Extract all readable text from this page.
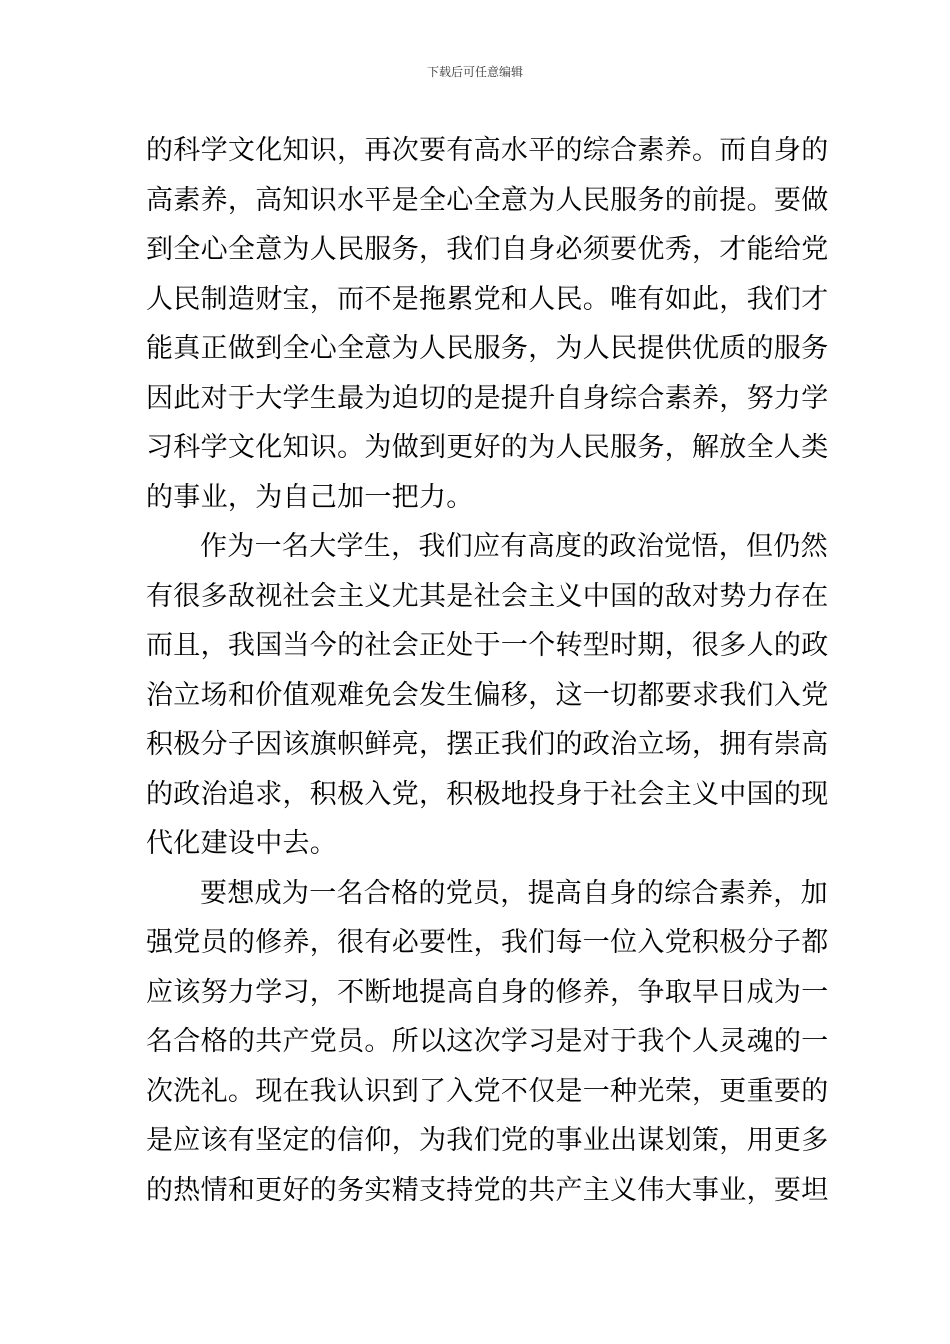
下载后可任意编辑
的科学文化知识，再次要有高水平的综合素养。而自身的
高素养，高知识水平是全心全意为人民服务的前提。要做
到全心全意为人民服务，我们自身必须要优秀，才能给党
人民制造财宝，而不是拖累党和人民。唯有如此，我们才
能真正做到全心全意为人民服务，为人民提供优质的服务
因此对于大学生最为迫切的是提升自身综合素养，努力学
习科学文化知识。为做到更好的为人民服务，解放全人类
的事业，为自己加一把力。
作为一名大学生，我们应有高度的政治觉悟，但仍然
有很多敌视社会主义尤其是社会主义中国的敌对势力存在
而且，我国当今的社会正处于一个转型时期，很多人的政
治立场和价值观难免会发生偏移，这一切都要求我们入党
积极分子因该旗帜鲜亮，摆正我们的政治立场，拥有崇高
的政治追求，积极入党，积极地投身于社会主义中国的现
代化建设中去。
要想成为一名合格的党员，提高自身的综合素养，加
强党员的修养，很有必要性，我们每一位入党积极分子都
应该努力学习，不断地提高自身的修养，争取早日成为一
名合格的共产党员。所以这次学习是对于我个人灵魂的一
次洗礼。现在我认识到了入党不仅是一种光荣，更重要的
是应该有坚定的信仰，为我们党的事业出谋划策，用更多
的热情和更好的务实精支持党的共产主义伟大事业，要坦
